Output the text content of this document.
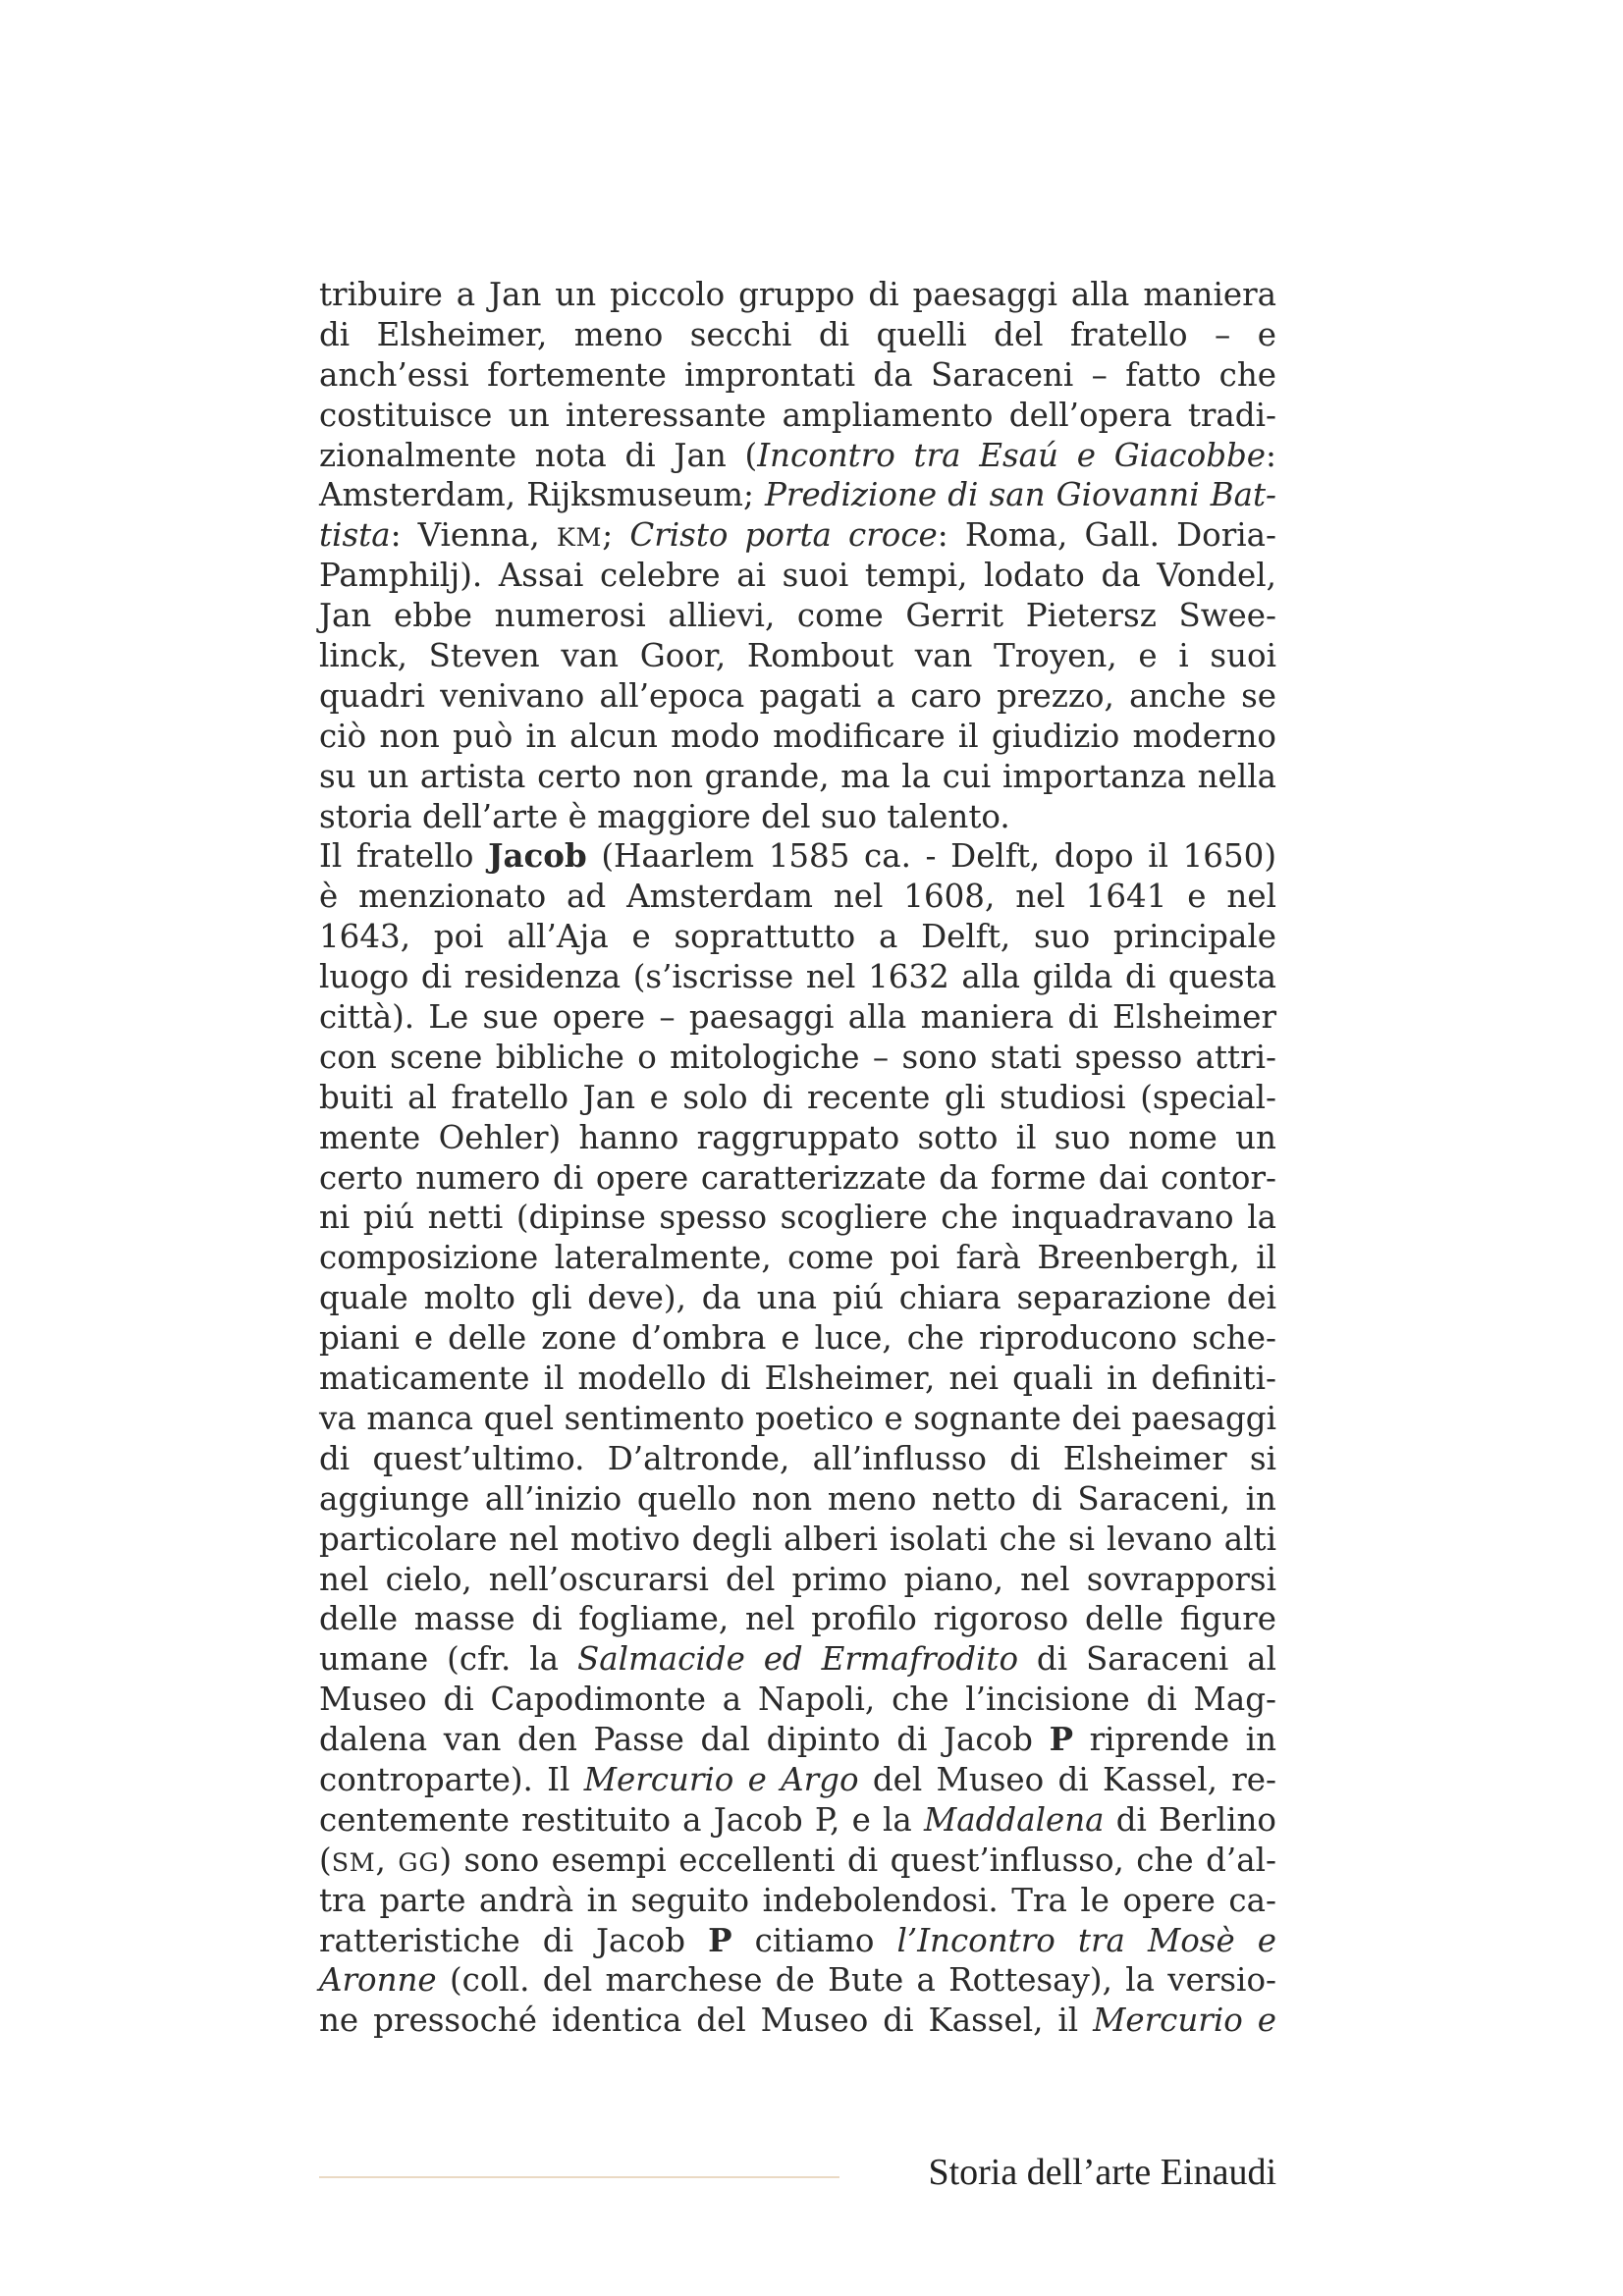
tribuire a Jan un piccolo gruppo di paesaggi alla maniera
di Elsheimer, meno secchi di quelli del fratello – e
anch’essi fortemente improntati da Saraceni – fatto che
costituisce un interessante ampliamento dell’opera tradi-
zionalmente nota di Jan (Incontro tra Esaú e Giacobbe:
Amsterdam, Rijksmuseum; Predizione di san Giovanni Bat-
tista: Vienna, KM; Cristo porta croce: Roma, Gall. Doria-
Pamphilj). Assai celebre ai suoi tempi, lodato da Vondel,
Jan ebbe numerosi allievi, come Gerrit Pietersz Swee-
linck, Steven van Goor, Rombout van Troyen, e i suoi
quadri venivano all’epoca pagati a caro prezzo, anche se
ciò non può in alcun modo modificare il giudizio moderno
su un artista certo non grande, ma la cui importanza nella
storia dell’arte è maggiore del suo talento.
Il fratello Jacob (Haarlem 1585 ca. - Delft, dopo il 1650)
è menzionato ad Amsterdam nel 1608, nel 1641 e nel
1643, poi all’Aja e soprattutto a Delft, suo principale
luogo di residenza (s’iscrisse nel 1632 alla gilda di questa
città). Le sue opere – paesaggi alla maniera di Elsheimer
con scene bibliche o mitologiche – sono stati spesso attri-
buiti al fratello Jan e solo di recente gli studiosi (special-
mente Oehler) hanno raggruppato sotto il suo nome un
certo numero di opere caratterizzate da forme dai contor-
ni piú netti (dipinse spesso scogliere che inquadravano la
composizione lateralmente, come poi farà Breenbergh, il
quale molto gli deve), da una piú chiara separazione dei
piani e delle zone d’ombra e luce, che riproducono sche-
maticamente il modello di Elsheimer, nei quali in definiti-
va manca quel sentimento poetico e sognante dei paesaggi
di quest’ultimo. D’altronde, all’influsso di Elsheimer si
aggiunge all’inizio quello non meno netto di Saraceni, in
particolare nel motivo degli alberi isolati che si levano alti
nel cielo, nell’oscurarsi del primo piano, nel sovrapporsi
delle masse di fogliame, nel profilo rigoroso delle figure
umane (cfr. la Salmacide ed Ermafrodito di Saraceni al
Museo di Capodimonte a Napoli, che l’incisione di Mag-
dalena van den Passe dal dipinto di Jacob P riprende in
controparte). Il Mercurio e Argo del Museo di Kassel, re-
centemente restituito a Jacob P, e la Maddalena di Berlino
(SM, GG) sono esempi eccellenti di quest’influsso, che d’al-
tra parte andrà in seguito indebolendosi. Tra le opere ca-
ratteristiche di Jacob P citiamo l’Incontro tra Mosè e
Aronne (coll. del marchese de Bute a Rottesay), la versio-
ne pressoché identica del Museo di Kassel, il Mercurio e
Storia dell’arte Einaudi
